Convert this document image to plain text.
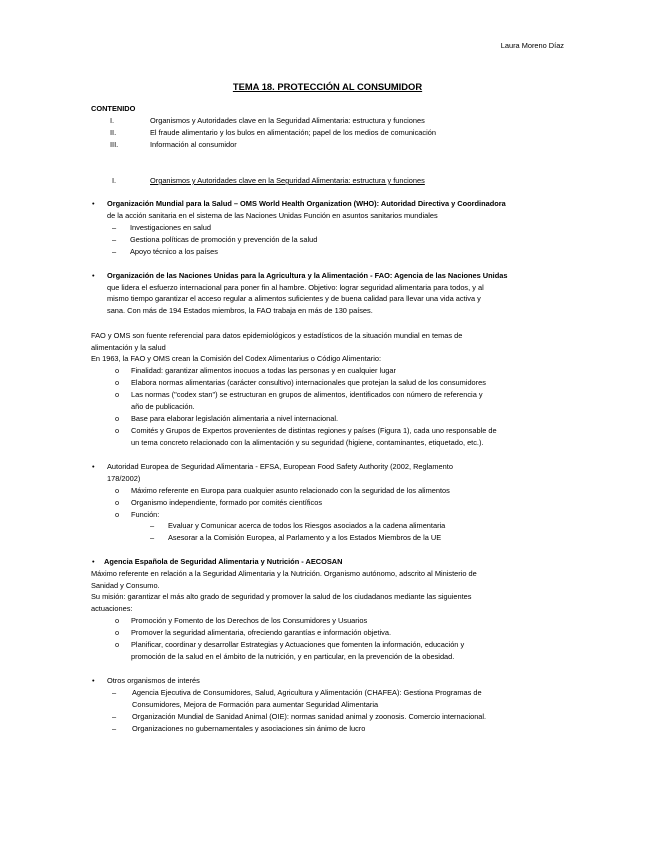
Laura Moreno Díaz
TEMA 18. PROTECCIÓN AL CONSUMIDOR
CONTENIDO
I.	Organismos y Autoridades clave en la Seguridad Alimentaria: estructura y funciones
II.	El fraude alimentario y los bulos en alimentación; papel de los medios de comunicación
III.	Información al consumidor
I.	Organismos y Autoridades clave en la Seguridad Alimentaria: estructura y funciones
• Organización Mundial para la Salud – OMS World Health Organization (WHO): Autoridad Directiva y Coordinadora
de la acción sanitaria en el sistema de las Naciones Unidas Función en asuntos sanitarios mundiales
– Investigaciones en salud
– Gestiona políticas de promoción y prevención de la salud
– Apoyo técnico a los países
• Organización de las Naciones Unidas para la Agricultura y la Alimentación - FAO: Agencia de las Naciones Unidas
que lidera el esfuerzo internacional para poner fin al hambre. Objetivo: lograr seguridad alimentaria para todos, y al
mismo tiempo garantizar el acceso regular a alimentos suficientes y de buena calidad para llevar una vida activa y
sana. Con más de 194 Estados miembros, la FAO trabaja en más de 130 países.
FAO y OMS son fuente referencial para datos epidemiológicos y estadísticos de la situación mundial en temas de
alimentación y la salud
En 1963, la FAO y OMS crean la Comisión del Codex Alimentarius o Código Alimentario:
o Finalidad: garantizar alimentos inocuos a todas las personas y en cualquier lugar
o Elabora normas alimentarias (carácter consultivo) internacionales que protejan la salud de los consumidores
o Las normas ("codex stan") se estructuran en grupos de alimentos, identificados con número de referencia y
año de publicación.
o Base para elaborar legislación alimentaria a nivel internacional.
o Comités y Grupos de Expertos provenientes de distintas regiones y países (Figura 1), cada uno responsable de
un tema concreto relacionado con la alimentación y su seguridad (higiene, contaminantes, etiquetado, etc.).
• Autoridad Europea de Seguridad Alimentaria - EFSA, European Food Safety Authority (2002, Reglamento
178/2002)
o Máximo referente en Europa para cualquier asunto relacionado con la seguridad de los alimentos
o Organismo independiente, formado por comités científicos
o Función:
– Evaluar y Comunicar acerca de todos los Riesgos asociados a la cadena alimentaria
– Asesorar a la Comisión Europea, al Parlamento y a los Estados Miembros de la UE
• Agencia Española de Seguridad Alimentaria y Nutrición - AECOSAN
Máximo referente en relación a la Seguridad Alimentaria y la Nutrición. Organismo autónomo, adscrito al Ministerio de
Sanidad y Consumo.
Su misión: garantizar el más alto grado de seguridad y promover la salud de los ciudadanos mediante las siguientes
actuaciones:
o Promoción y Fomento de los Derechos de los Consumidores y Usuarios
o Promover la seguridad alimentaria, ofreciendo garantías e información objetiva.
o Planificar, coordinar y desarrollar Estrategias y Actuaciones que fomenten la información, educación y
promoción de la salud en el ámbito de la nutrición, y en particular, en la prevención de la obesidad.
• Otros organismos de interés
– Agencia Ejecutiva de Consumidores, Salud, Agricultura y Alimentación (CHAFEA): Gestiona Programas de
Consumidores, Mejora de Formación para aumentar Seguridad Alimentaria
– Organización Mundial de Sanidad Animal (OIE): normas sanidad animal y zoonosis. Comercio internacional.
– Organizaciones no gubernamentales y asociaciones sin ánimo de lucro
